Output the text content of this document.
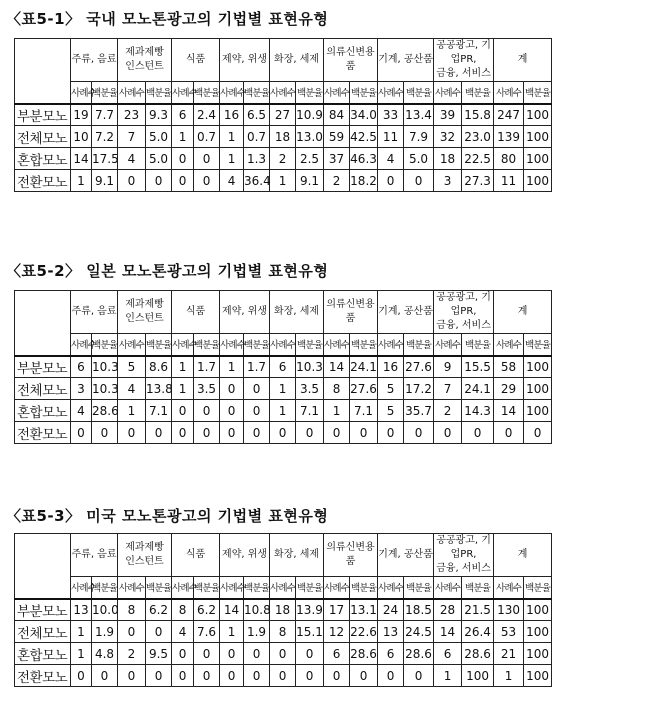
〈표5-1〉 국내 모노톤광고의 기법별 표현유형
	주류, 음료		제과제빵
인스턴트		식품		제약, 위생		화장, 세제		의류신변용품		기계, 공산품		공공광고, 기업PR,
금융, 서비스		계	
	사례수	백분율	사례수	백분율	사례수	백분율	사례수	백분율	사례수	백분율	사례수	백분율	사례수	백분율	사례수	백분율	사례수	백분율
부분모노	19	7.7	23	9.3	6	2.4	16	6.5	27	10.9	84	34.0	33	13.4	39	15.8	247	100
전체모노	10	7.2	7	5.0	1	0.7	1	0.7	18	13.0	59	42.5	11	7.9	32	23.0	139	100
혼합모노	14	17.5	4	5.0	0	0	1	1.3	2	2.5	37	46.3	4	5.0	18	22.5	80	100
전환모노	1	9.1	0	0	0	0	4	36.4	1	9.1	2	18.2	0	0	3	27.3	11	100
〈표5-2〉 일본 모노톤광고의 기법별 표현유형
	주류, 음료		제과제빵
인스턴트		식품		제약, 위생		화장, 세제		의류신변용품		기계, 공산품		공공광고, 기업PR,
금융, 서비스		계	
	사례수	백분율	사례수	백분율	사례수	백분율	사례수	백분율	사례수	백분율	사례수	백분율	사례수	백분율	사례수	백분율	사례수	백분율
부분모노	6	10.3	5	8.6	1	1.7	1	1.7	6	10.3	14	24.1	16	27.6	9	15.5	58	100
전체모노	3	10.3	4	13.8	1	3.5	0	0	1	3.5	8	27.6	5	17.2	7	24.1	29	100
혼합모노	4	28.6	1	7.1	0	0	0	0	1	7.1	1	7.1	5	35.7	2	14.3	14	100
전환모노	0	0	0	0	0	0	0	0	0	0	0	0	0	0	0	0	0	0
〈표5-3〉 미국 모노톤광고의 기법별 표현유형
	주류, 음료		제과제빵
인스턴트		식품		제약, 위생		화장, 세제		의류신변용품		기계, 공산품		공공광고, 기업PR,
금융, 서비스		계	
	사례수	백분율	사례수	백분율	사례수	백분율	사례수	백분율	사례수	백분율	사례수	백분율	사례수	백분율	사례수	백분율	사례수	백분율
부분모노	13	10.0	8	6.2	8	6.2	14	10.8	18	13.9	17	13.1	24	18.5	28	21.5	130	100
전체모노	1	1.9	0	0	4	7.6	1	1.9	8	15.1	12	22.6	13	24.5	14	26.4	53	100
혼합모노	1	4.8	2	9.5	0	0	0	0	0	0	6	28.6	6	28.6	6	28.6	21	100
전환모노	0	0	0	0	0	0	0	0	0	0	0	0	0	0	1	100	1	100
